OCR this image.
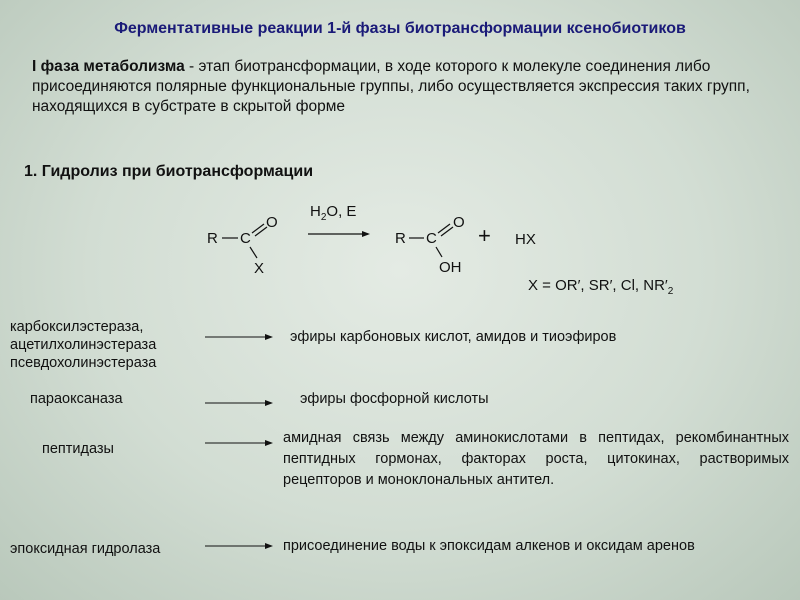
Ферментативные реакции 1-й фазы биотрансформации ксенобиотиков
I фаза метаболизма - этап биотрансформации, в ходе которого к молекуле соединения либо присоединяются полярные функциональные группы, либо осуществляется экспрессия таких групп, находящихся в субстрате в скрытой форме
1. Гидролиз при биотрансформации
R C
O
X
$H_2O$, E
R C
O
OH
+ HX
X = OR′, SR′, Cl, $NR'_2$
карбоксилэстераза,
ацетилхолинэстераза
псевдохолинэстераза
эфиры карбоновых кислот, амидов и тиоэфиров
параоксаназа	эфиры фосфорной кислоты
пептидазы
амидная связь между аминокислотами в пептидах, рекомбинантных пептидных гормонах, факторах роста, цитокинах, растворимых рецепторов и моноклональных антител.
эпоксидная гидролаза	присоединение воды к эпоксидам алкенов и оксидам аренов
